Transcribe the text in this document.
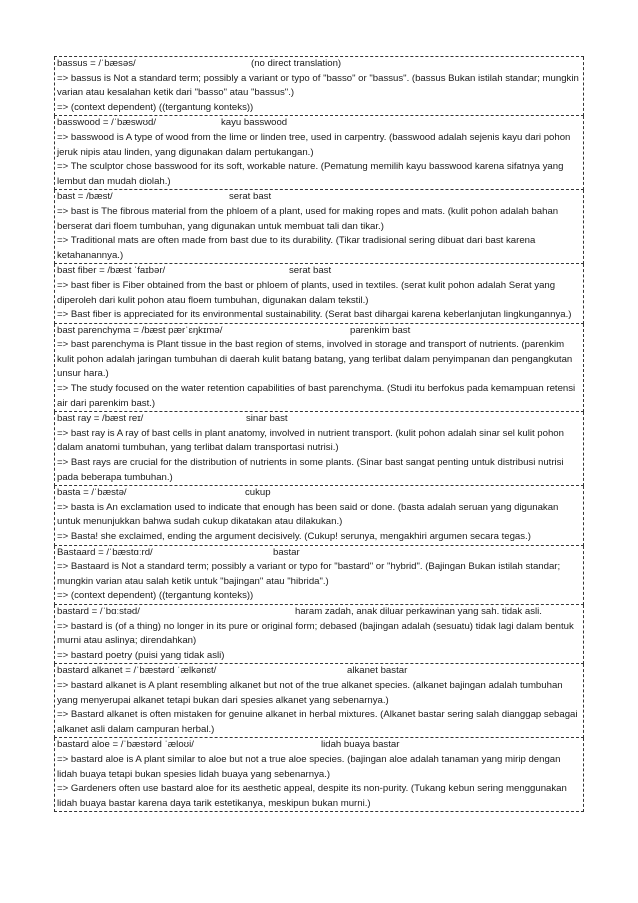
bassus = /ˈbæsəs/	(no direct translation)
=> bassus is Not a standard term; possibly a variant or typo of "basso" or "bassus". (bassus Bukan istilah standar; mungkin varian atau kesalahan ketik dari "basso" atau "bassus".)
=> (context dependent) ((tergantung konteks))
basswood = /ˈbæswʊd/	kayu basswood
=> basswood is A type of wood from the lime or linden tree, used in carpentry. (basswood adalah sejenis kayu dari pohon jeruk nipis atau linden, yang digunakan dalam pertukangan.)
=> The sculptor chose basswood for its soft, workable nature. (Pematung memilih kayu basswood karena sifatnya yang lembut dan mudah diolah.)
bast = /bæst/	serat bast
=> bast is The fibrous material from the phloem of a plant, used for making ropes and mats. (kulit pohon adalah bahan berserat dari floem tumbuhan, yang digunakan untuk membuat tali dan tikar.)
=> Traditional mats are often made from bast due to its durability. (Tikar tradisional sering dibuat dari bast karena ketahanannya.)
bast fiber = /bæst ˈfaɪbər/	serat bast
=> bast fiber is Fiber obtained from the bast or phloem of plants, used in textiles. (serat kulit pohon adalah Serat yang diperoleh dari kulit pohon atau floem tumbuhan, digunakan dalam tekstil.)
=> Bast fiber is appreciated for its environmental sustainability. (Serat bast dihargai karena keberlanjutan lingkungannya.)
bast parenchyma = /bæst pærˈɛŋkɪmə/	parenkim bast
=> bast parenchyma is Plant tissue in the bast region of stems, involved in storage and transport of nutrients. (parenkim kulit pohon adalah jaringan tumbuhan di daerah kulit batang batang, yang terlibat dalam penyimpanan dan pengangkutan unsur hara.)
=> The study focused on the water retention capabilities of bast parenchyma. (Studi itu berfokus pada kemampuan retensi air dari parenkim bast.)
bast ray = /bæst reɪ/	sinar bast
=> bast ray is A ray of bast cells in plant anatomy, involved in nutrient transport. (kulit pohon adalah sinar sel kulit pohon dalam anatomi tumbuhan, yang terlibat dalam transportasi nutrisi.)
=> Bast rays are crucial for the distribution of nutrients in some plants. (Sinar bast sangat penting untuk distribusi nutrisi pada beberapa tumbuhan.)
basta = /ˈbæstə/	cukup
=> basta is An exclamation used to indicate that enough has been said or done. (basta adalah seruan yang digunakan untuk menunjukkan bahwa sudah cukup dikatakan atau dilakukan.)
=> Basta! she exclaimed, ending the argument decisively. (Cukup! serunya, mengakhiri argumen secara tegas.)
Bastaard = /ˈbæstɑːrd/	bastar
=> Bastaard is Not a standard term; possibly a variant or typo for "bastard" or "hybrid". (Bajingan Bukan istilah standar; mungkin varian atau salah ketik untuk "bajingan" atau "hibrida".)
=> (context dependent) ((tergantung konteks))
bastard = /ˈbɑːstəd/	haram zadah, anak diluar perkawinan yang sah. tidak asli.
=> bastard is (of a thing) no longer in its pure or original form; debased (bajingan adalah (sesuatu) tidak lagi dalam bentuk murni atau aslinya; direndahkan)
=> bastard poetry (puisi yang tidak asli)
bastard alkanet = /ˈbæstərd ˈælkənɛt/	alkanet bastar
=> bastard alkanet is A plant resembling alkanet but not of the true alkanet species. (alkanet bajingan adalah tumbuhan yang menyerupai alkanet tetapi bukan dari spesies alkanet yang sebenarnya.)
=> Bastard alkanet is often mistaken for genuine alkanet in herbal mixtures. (Alkanet bastar sering salah dianggap sebagai alkanet asli dalam campuran herbal.)
bastard aloe = /ˈbæstərd ˈæloʊi/	lidah buaya bastar
=> bastard aloe is A plant similar to aloe but not a true aloe species. (bajingan aloe adalah tanaman yang mirip dengan lidah buaya tetapi bukan spesies lidah buaya yang sebenarnya.)
=> Gardeners often use bastard aloe for its aesthetic appeal, despite its non-purity. (Tukang kebun sering menggunakan lidah buaya bastar karena daya tarik estetikanya, meskipun bukan murni.)
